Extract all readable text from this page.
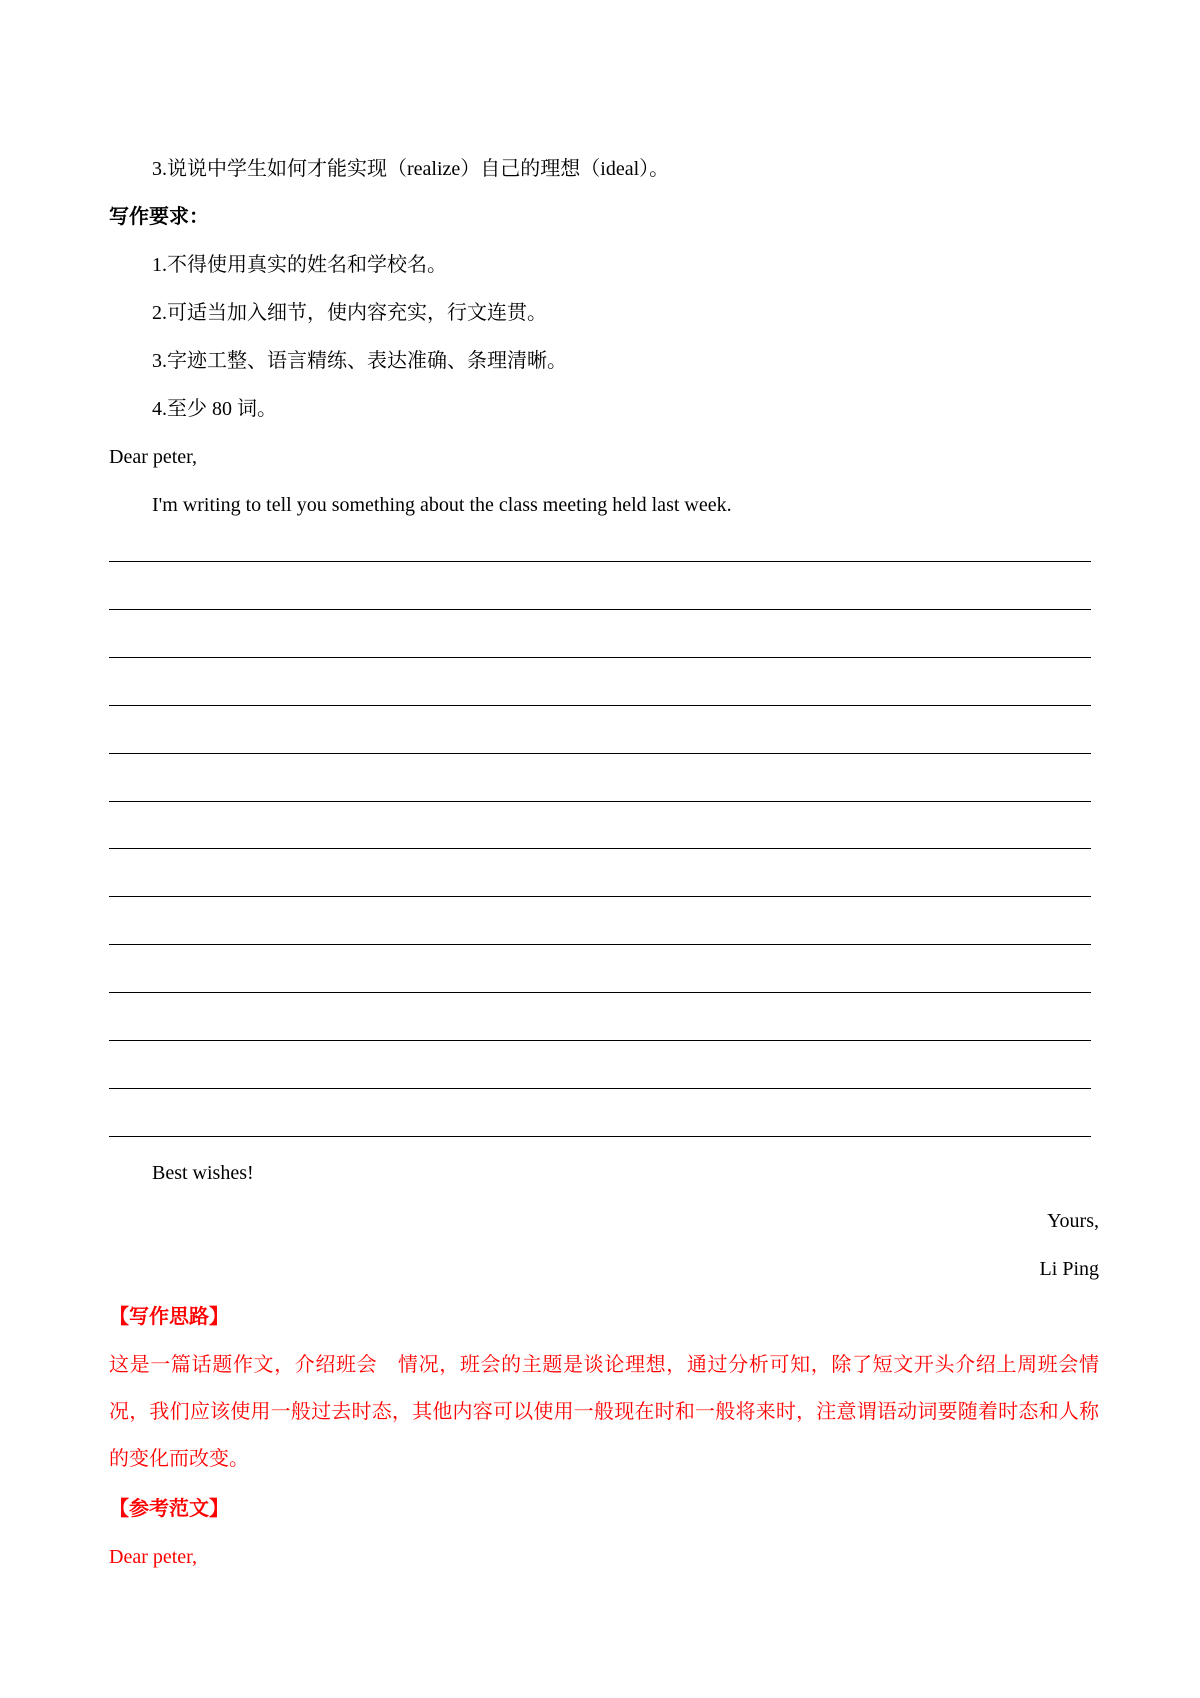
3.说说中学生如何才能实现（realize）自己的理想（ideal）。
写作要求：
1.不得使用真实的姓名和学校名。
2.可适当加入细节，使内容充实，行文连贯。
3.字迹工整、语言精练、表达准确、条理清晰。
4.至少 80 词。
Dear peter,
I'm writing to tell you something about the class meeting held last week.
Best wishes!
Yours,
Li Ping
【写作思路】
这是一篇话题作文，介绍班会　情况，班会的主题是谈论理想，通过分析可知，除了短文开头介绍上周班会情况，我们应该使用一般过去时态，其他内容可以使用一般现在时和一般将来时，注意谓语动词要随着时态和人称的变化而改变。
【参考范文】
Dear peter,
